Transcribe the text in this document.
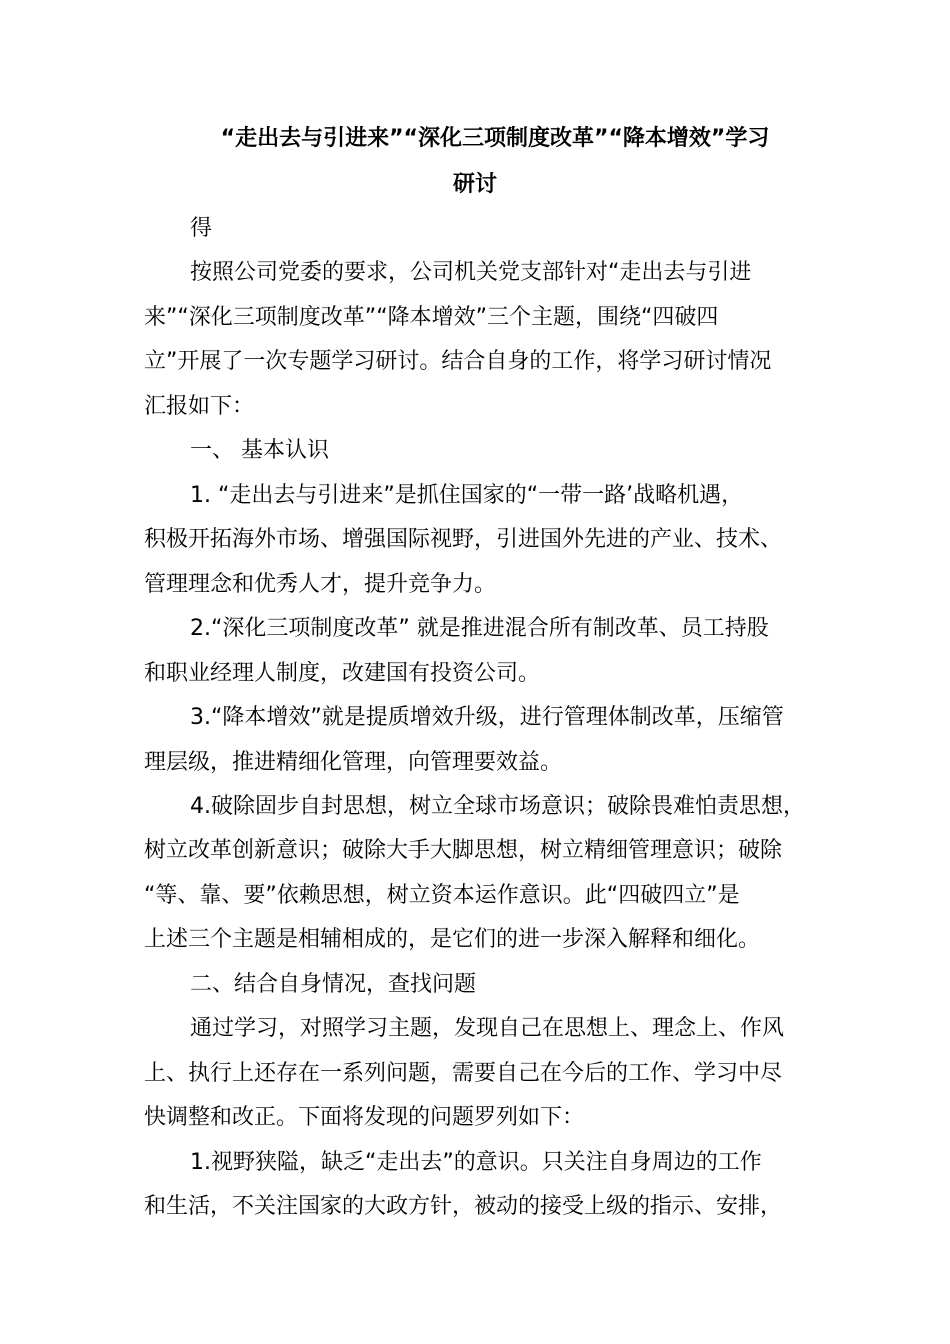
“走出去与引进来”“深化三项制度改革”“降本增效”学习
研讨
得
按照公司党委的要求，公司机关党支部针对“走出去与引进
来”“深化三项制度改革”“降本增效”三个主题，围绕“四破四
立”开展了一次专题学习研讨。结合自身的工作，将学习研讨情况
汇报如下：
一、 基本认识
1. “走出去与引进来”是抓住国家的“一带一路’战略机遇，
积极开拓海外市场、增强国际视野，引进国外先进的产业、技术、
管理理念和优秀人才，提升竞争力。
2.“深化三项制度改革” 就是推进混合所有制改革、员工持股
和职业经理人制度，改建国有投资公司。
3.“降本增效”就是提质增效升级，进行管理体制改革，压缩管
理层级，推进精细化管理，向管理要效益。
4.破除固步自封思想，树立全球市场意识；破除畏难怕责思想，
树立改革创新意识；破除大手大脚思想，树立精细管理意识；破除
“等、靠、要”依赖思想，树立资本运作意识。此“四破四立”是
上述三个主题是相辅相成的，是它们的进一步深入解释和细化。
二、结合自身情况，查找问题
通过学习，对照学习主题，发现自己在思想上、理念上、作风
上、执行上还存在一系列问题，需要自己在今后的工作、学习中尽
快调整和改正。下面将发现的问题罗列如下：
1.视野狭隘，缺乏“走出去”的意识。只关注自身周边的工作
和生活，不关注国家的大政方针，被动的接受上级的指示、安排，
